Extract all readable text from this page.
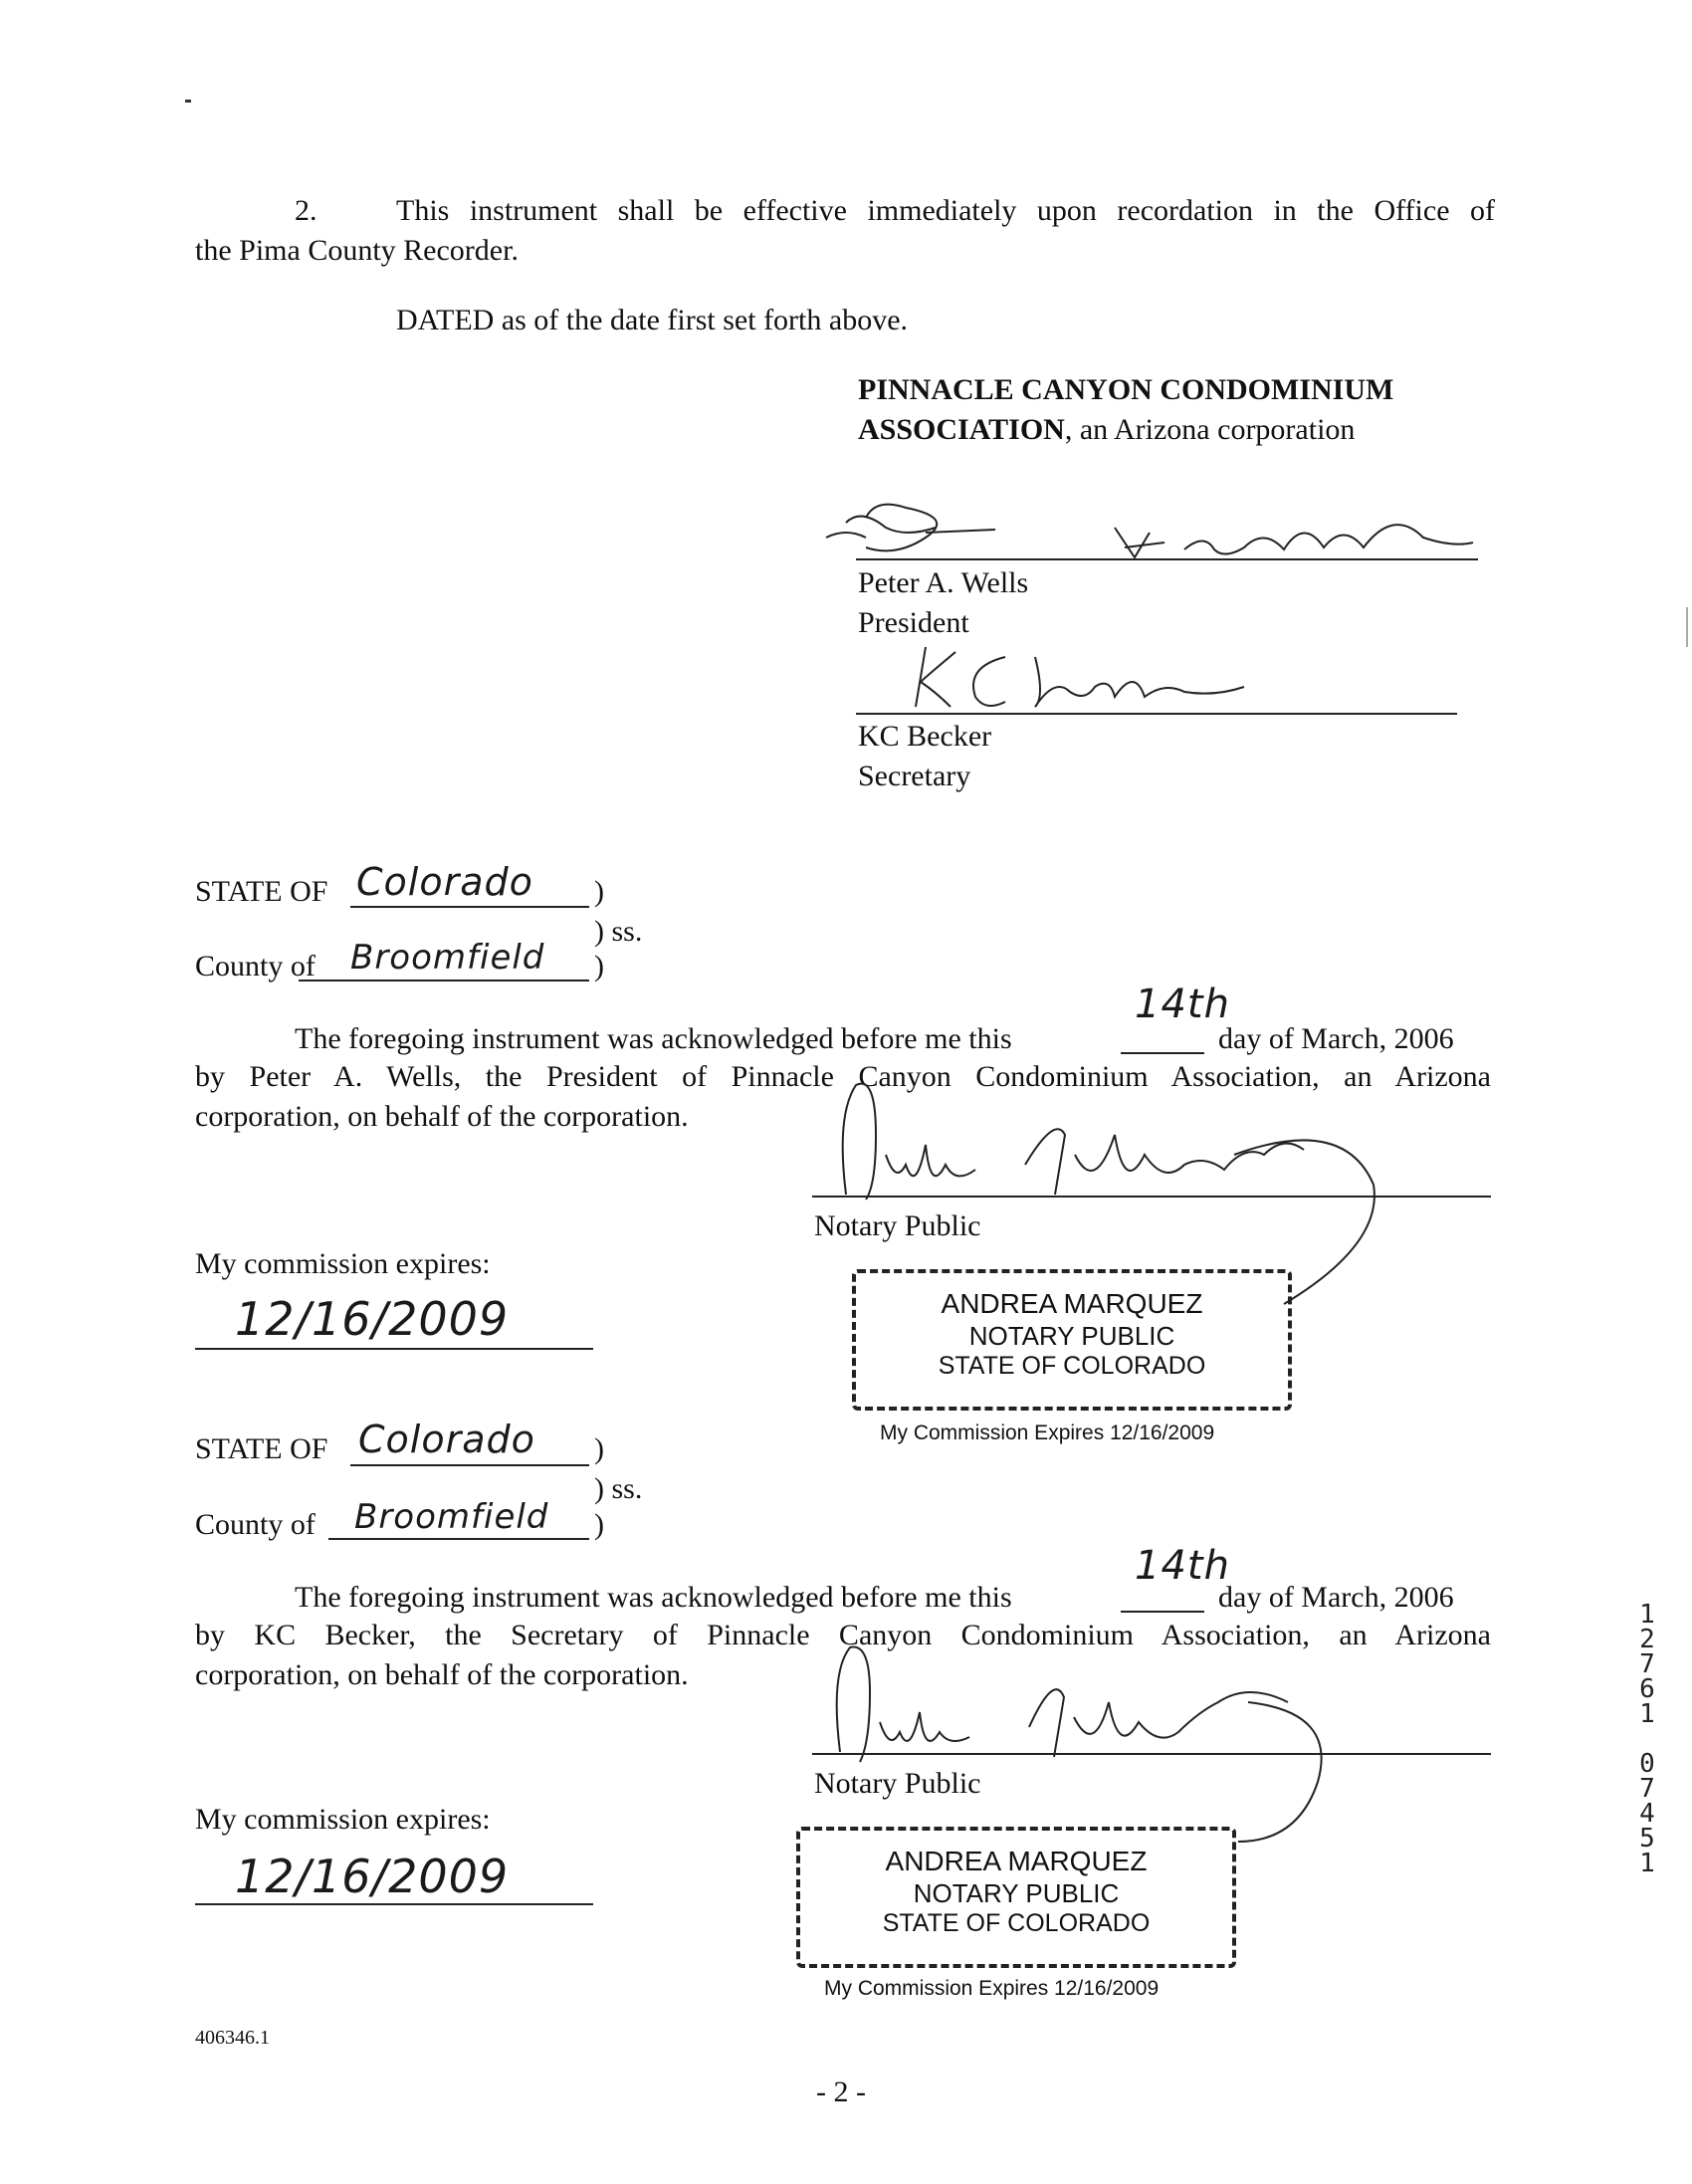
2.	This instrument shall be effective immediately upon recordation in the Office of
the Pima County Recorder.
DATED as of the date first set forth above.
PINNACLE CANYON CONDOMINIUM
ASSOCIATION, an Arizona corporation
Peter A. Wells
President
KC Becker
Secretary
STATE OF Colorado )
) ss.
County of Broomfield )
The foregoing instrument was acknowledged before me this
14th
day of March, 2006
by Peter A. Wells, the President of Pinnacle Canyon Condominium Association, an Arizona
corporation, on behalf of the corporation.
Notary Public
My commission expires:
12/16/2009	ANDREA MARQUEZ
NOTARY PUBLIC
STATE OF COLORADO
My Commission Expires 12/16/2009
STATE OF Colorado )
) ss.
County of Broomfield )
The foregoing instrument was acknowledged before me this
14th
day of March, 2006
by KC Becker, the Secretary of Pinnacle Canyon Condominium Association, an Arizona
corporation, on behalf of the corporation.
Notary Public
My commission expires:
12/16/2009	ANDREA MARQUEZ
NOTARY PUBLIC
STATE OF COLORADO
My Commission Expires 12/16/2009
406346.1
- 2 -
1
2
7
6
1
0
7
4
5
1
